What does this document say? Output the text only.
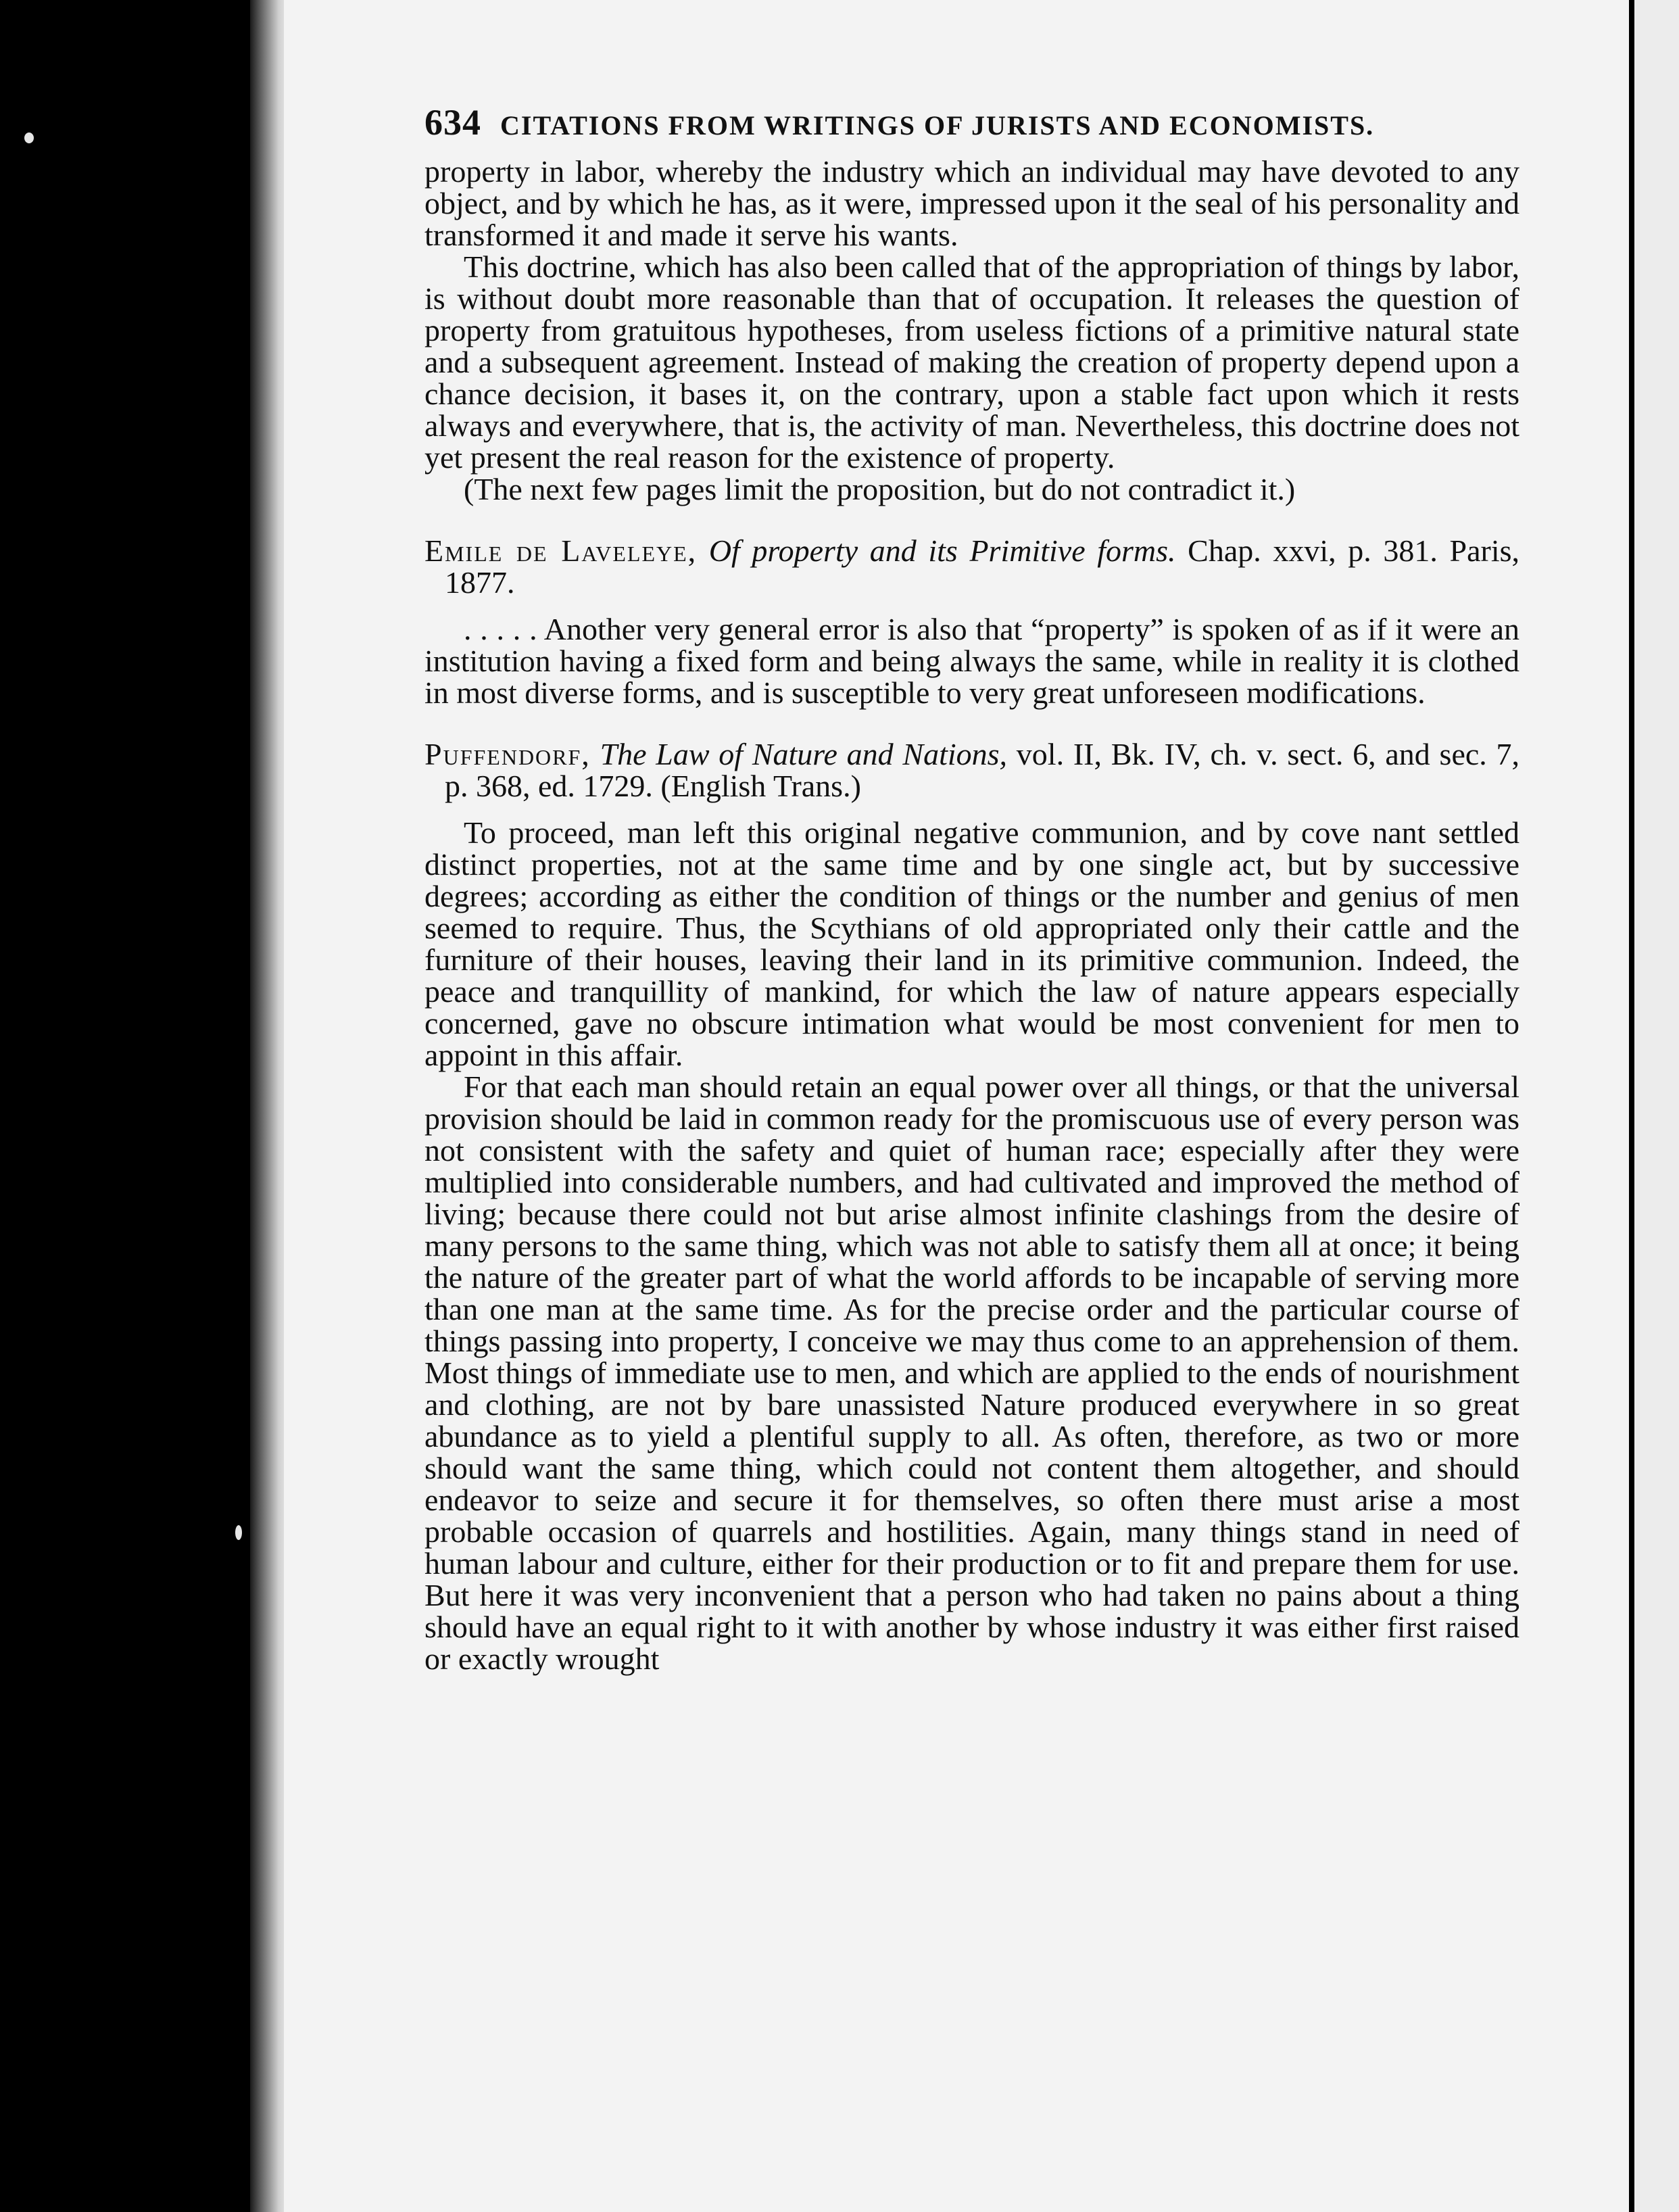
634 CITATIONS FROM WRITINGS OF JURISTS AND ECONOMISTS.

property in labor, whereby the industry which an individual may have devoted to any object, and by which he has, as it were, impressed upon it the seal of his personality and transformed it and made it serve his wants.

This doctrine, which has also been called that of the appropriation of things by labor, is without doubt more reasonable than that of occupation. It releases the question of property from gratuitous hypotheses, from useless fictions of a primitive natural state and a subsequent agreement. Instead of making the creation of property depend upon a chance decision, it bases it, on the contrary, upon a stable fact upon which it rests always and everywhere, that is, the activity of man. Nevertheless, this doctrine does not yet present the real reason for the existence of property.

(The next few pages limit the proposition, but do not contradict it.)

Emile de Laveleye, Of property and its Primitive forms. Chap. xxvi, p. 381. Paris, 1877.

. . . . . Another very general error is also that “property” is spoken of as if it were an institution having a fixed form and being always the same, while in reality it is clothed in most diverse forms, and is susceptible to very great unforeseen modifications.

Puffendorf, The Law of Nature and Nations, vol. II, Bk. IV, ch. v. sect. 6, and sec. 7, p. 368, ed. 1729. (English Trans.)

To proceed, man left this original negative communion, and by cove nant settled distinct properties, not at the same time and by one single act, but by successive degrees; according as either the condition of things or the number and genius of men seemed to require. Thus, the Scythians of old appropriated only their cattle and the furniture of their houses, leaving their land in its primitive communion. Indeed, the peace and tranquillity of mankind, for which the law of nature appears especially concerned, gave no obscure intimation what would be most convenient for men to appoint in this affair.

For that each man should retain an equal power over all things, or that the universal provision should be laid in common ready for the promiscuous use of every person was not consistent with the safety and quiet of human race; especially after they were multiplied into considerable numbers, and had cultivated and improved the method of living; because there could not but arise almost infinite clashings from the desire of many persons to the same thing, which was not able to satisfy them all at once; it being the nature of the greater part of what the world affords to be incapable of serving more than one man at the same time. As for the precise order and the particular course of things passing into property, I conceive we may thus come to an apprehension of them. Most things of immediate use to men, and which are applied to the ends of nourishment and clothing, are not by bare unassisted Nature produced everywhere in so great abundance as to yield a plentiful supply to all. As often, therefore, as two or more should want the same thing, which could not content them altogether, and should endeavor to seize and secure it for themselves, so often there must arise a most probable occasion of quarrels and hostilities. Again, many things stand in need of human labour and culture, either for their production or to fit and prepare them for use. But here it was very inconvenient that a person who had taken no pains about a thing should have an equal right to it with another by whose industry it was either first raised or exactly wrought
